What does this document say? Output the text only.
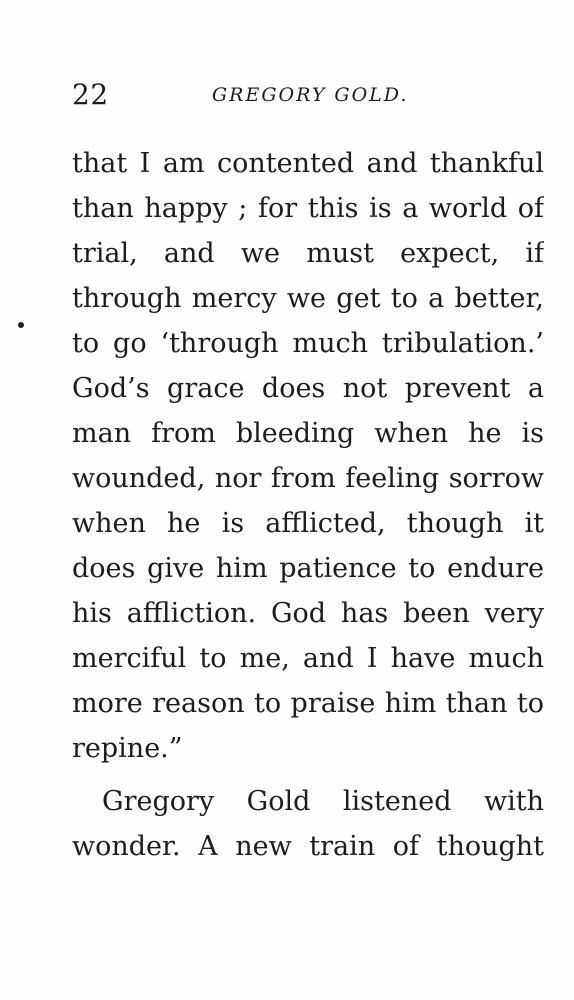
22	GREGORY GOLD.
that I am contented and thankful
than happy ; for this is a world of
trial, and we must expect, if
through mercy we get to a better,
to go ‘through much tribulation.’
God’s grace does not prevent a
man from bleeding when he is
wounded, nor from feeling sorrow
when he is afflicted, though it
does give him patience to endure
his affliction. God has been very
merciful to me, and I have much
more reason to praise him than to
repine.”
Gregory Gold listened with
wonder. A new train of thought
